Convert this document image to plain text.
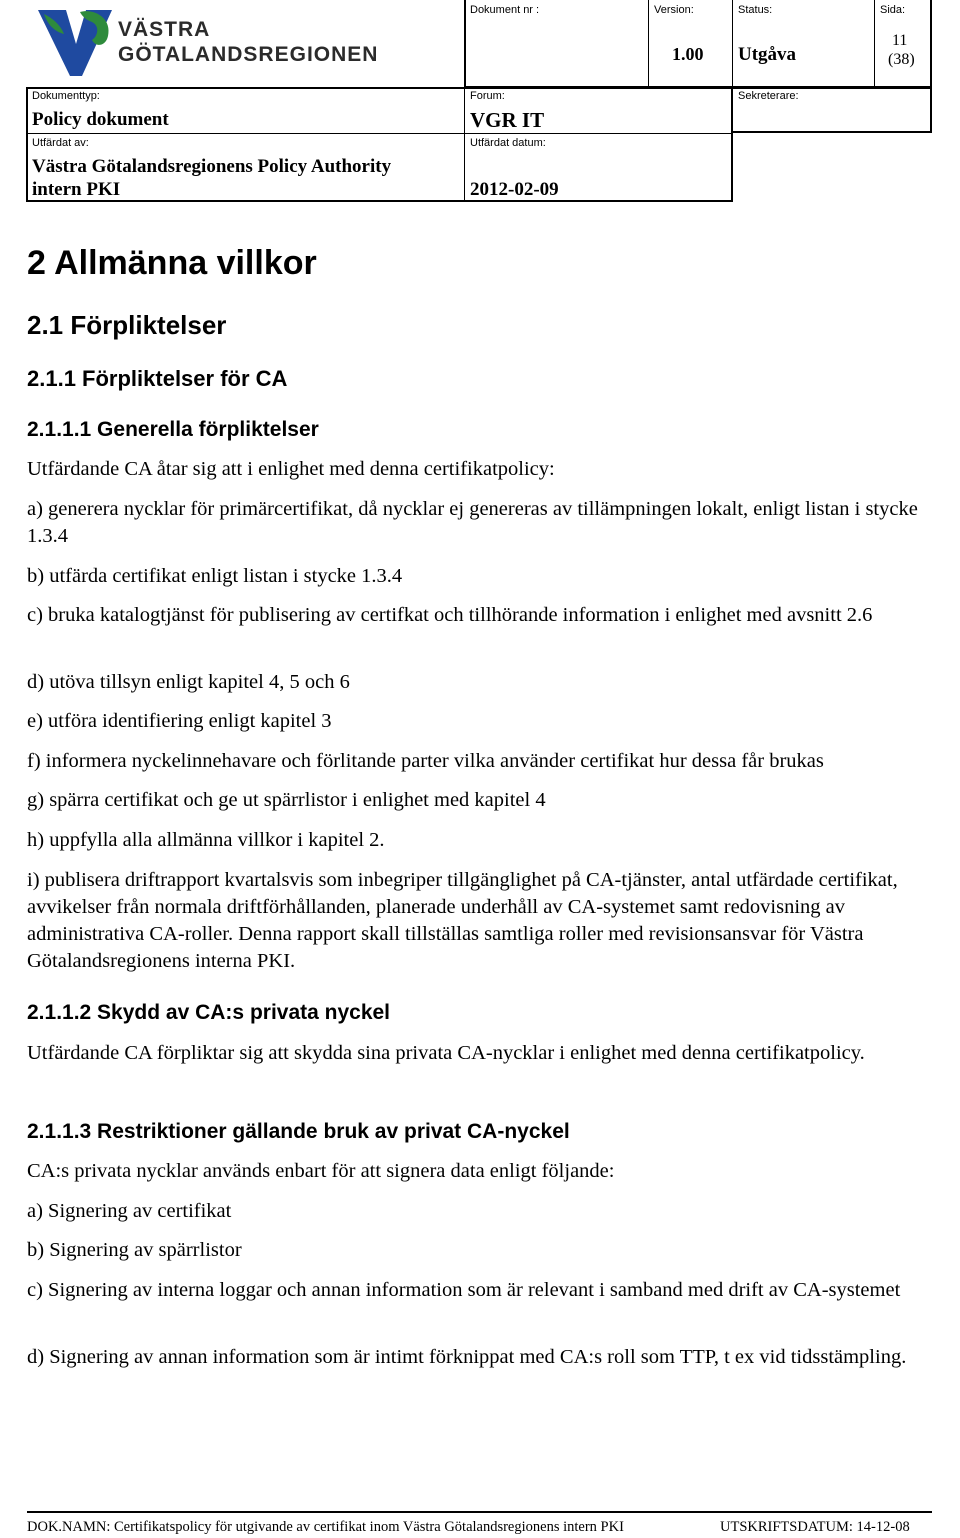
VÄSTRA
GÖTALANDSREGIONEN
Dokument nr :	Version:
1.00
Status:
Utgåva
Sida:
11
(38)
Dokumenttyp:
Policy dokument
Forum:
VGR IT
Sekreterare:
Utfärdat av:
Västra Götalandsregionens Policy Authority
intern PKI
Utfärdat datum:
2012-02-09
2 Allmänna villkor
2.1 Förpliktelser
2.1.1 Förpliktelser för CA
2.1.1.1 Generella förpliktelser
Utfärdande CA åtar sig att i enlighet med denna certifikatpolicy:
a) generera nycklar för primärcertifikat, då nycklar ej genereras av tillämpningen lokalt, enligt listan i stycke 1.3.4
b) utfärda certifikat enligt listan i stycke 1.3.4
c) bruka katalogtjänst för publisering av certifkat och tillhörande information i enlighet med avsnitt 2.6
d) utöva tillsyn enligt kapitel 4, 5 och 6
e) utföra identifiering enligt kapitel 3
f) informera nyckelinnehavare och förlitande parter vilka använder certifikat hur dessa får brukas
g) spärra certifikat och ge ut spärrlistor i enlighet med kapitel 4
h) uppfylla alla allmänna villkor i kapitel 2.
i) publisera driftrapport kvartalsvis som inbegriper tillgänglighet på CA-tjänster, antal utfärdade certifikat, avvikelser från normala driftförhållanden, planerade underhåll av CA-systemet samt redovisning av administrativa CA-roller. Denna rapport skall tillställas samtliga roller med revisionsansvar för Västra Götalandsregionens interna PKI.
2.1.1.2 Skydd av CA:s privata nyckel
Utfärdande CA förpliktar sig att skydda sina privata CA-nycklar i enlighet med denna certifikatpolicy.
2.1.1.3 Restriktioner gällande bruk av privat CA-nyckel
CA:s privata nycklar används enbart för att signera data enligt följande:
a) Signering av certifikat
b) Signering av spärrlistor
c) Signering av interna loggar och annan information som är relevant i samband med drift av CA-systemet
d) Signering av annan information som är intimt förknippat med CA:s roll som TTP, t ex vid tidsstämpling.
DOK.NAMN: Certifikatspolicy för utgivande av certifikat inom Västra Götalandsregionens intern PKI	UTSKRIFTSDATUM: 14-12-08
